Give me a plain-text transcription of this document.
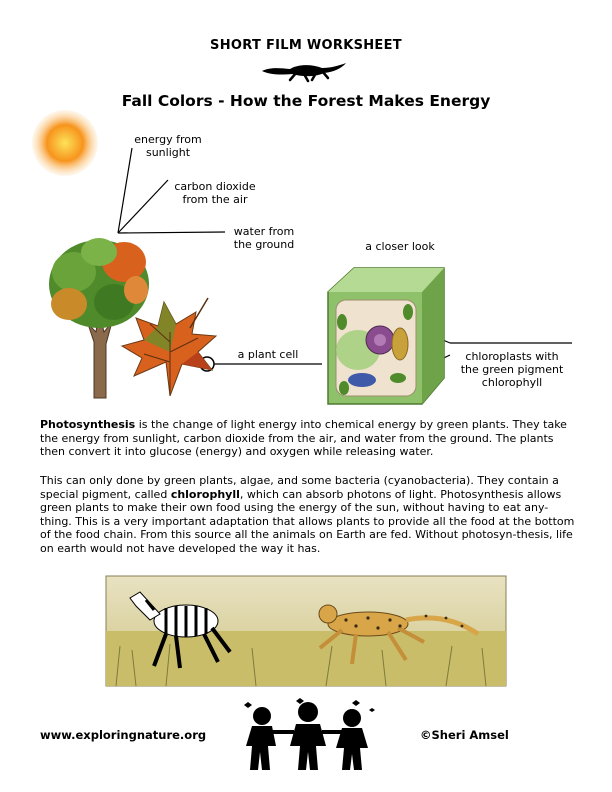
SHORT FILM WORKSHEET
Fall Colors - How the Forest Makes Energy
energy from
sunlight
carbon dioxide
from the air
water from
the ground	a closer look
a plant cell	chloroplasts with
the green pigment
chlorophyll
Photosynthesis is the change of light energy into chemical energy by green plants. They take the energy from sunlight, carbon dioxide from the air, and water from the ground. The plants then convert it into glucose (energy) and oxygen while releasing water.
This can only done by green plants, algae, and some bacteria (cyanobacteria). They contain a special pigment, called chlorophyll, which can absorb photons of light. Photosynthesis allows green plants to make their own food using the energy of the sun, without having to eat any-thing. This is a very important adaptation that allows plants to provide all the food at the bottom of the food chain. From this source all the animals on Earth are fed. Without photosyn-thesis, life on earth would not have developed the way it has.
www.exploringnature.org	©Sheri Amsel
